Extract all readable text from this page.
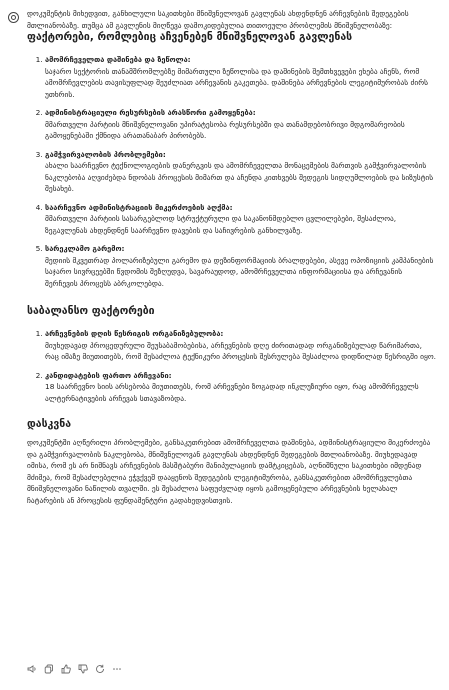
დოკუმენტის მიხედვით, განხილული საკითხები მნიშვნელოვან გავლენას ახდენდნენ არჩევნების შედეგების მთლიანობაზე. თუმცა ამ გავლენის მიღწევა დამოკიდებულია თითოეული პრობლემის მნიშვნელობაზე:

ფაქტორები, რომლებიც აჩვენებენ მნიშვნელოვან გავლენას
1. ამომრჩეველთა დაშინება და ზეწოლა:
საჯარო სექტორის თანამშრომლებზე მიმართული ზეწოლისა და დაშინების შემთხვევები ეხება აჩენს, რომ ამომრჩევლების თავისუფლად შეუძლიათ არჩევანის გაკეთება. დაშინება არჩევნების ლეგიტიმურობას ძირს უთხრის.
2. ადმინისტრაციული რესურსების არასწორი გამოყენება:
მმართველი პარტიის მნიშვნელოვანი უპირატესობა რესურსებში და თანამდებობრივი მდგომარეობის გამოყენებაში ქმნიდა არათანაბარ პირობებს.
3. გამჭვირვალობის პრობლემები:
ახალი საარჩევნო ტექნოლოგიების დანერგვის და ამომრჩეველთა მონაცემების მართვის გამჭვირვალობის ნაკლებობა აღვიძებდა ნდობას პროცესის მიმართ და აჩენდა კითხვებს შედეგის სიდღუმლოების და სიზუსტის შესახებ.
4. საარჩევნო ადმინისტრაციის მიკერძოების აღქმა:
მმართველი პარტიის სასარგებლოდ სტრუქტურული და საკანონმდებლო ცვლილებები, შესაძლოა, ზეგავლენას ახდენდნენ საარჩევნო დავების და საჩივრების განხილვაზე.
5. სარეკლამო გარემო:
მედიის მკვეთრად პოლარიზებული გარემო და დეზინფორმაციის ბრალდებები, ასევე ოპოზიციის კამპანიების საჯარო სივრცეებში წვდომის შეზღუდვა, სავარაუდოდ, ამომრჩეველთა ინფორმაციისა და არჩევანის შერჩევის პროცესს აბრკოლებდა.
საბალანსო ფაქტორები
1. არჩევნების დღის წესრიგის ორგანიზებულობა:
მიუხედავად პროცედურული შეუსაბამობებისა, არჩევნების დღე ძირითადად ორგანიზებულად წარიმართა, რაც იმაზე მიუთითებს, რომ შესაძლოა ტექნიკური პროცესის შესრულება შესაძლოა დიდწილად წესრიგში იყო.
2. კანდიდატების ფართო არჩევანი:
18 საარჩევნო სიის არსებობა მიუთითებს, რომ არჩევნები ზოგადად ინკლუზიური იყო, რაც ამომრჩეველს ალტერნატივების არჩევას სთავაზობდა.
დასკვნა

დოკუმენტში აღწერილი პრობლემები, განსაკუთრებით ამომრჩეველთა დაშინება, ადმინისტრაციული მიკერძოება და გამჭვირვალობის ნაკლებობა, მნიშვნელოვან გავლენას ახდენდნენ შედეგების მთლიანობაზე. მიუხედავად იმისა, რომ ეს არ ნიშნავს არჩევნების მასშტაბური მანიპულაციის დამტკიცებას, აღნიშნული საკითხები იმდენად მძიმეა, რომ შესაძლებელია ეჭვქვეშ დააყენოს შედეგების ლეგიტიმურობა, განსაკუთრებით ამომრჩევლებთა მნიშვნელოვანი ნაწილის თვალში. ეს შესაძლოა საფუძვლად იყოს გამოყენებული არჩევნების ხელახალ ჩატარების ან პროცესის ფუნდამენტური გადახედვისთვის.
